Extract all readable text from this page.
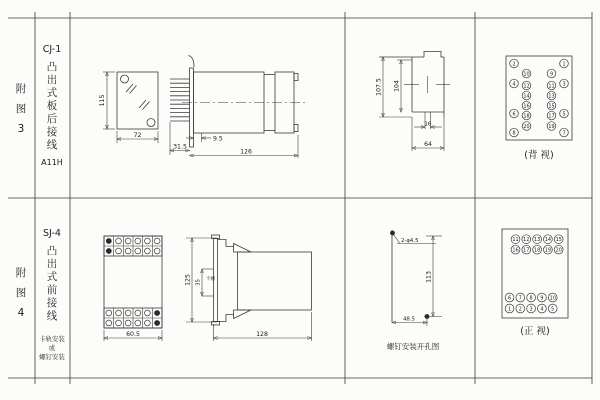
附
图
3
CJ-1
凸
出
式
板
后
接
线
A11H
115
72	9.5
31.5
126
107.5 104
16
64
2
4
6
8
10
12
14
16
18
20
9
11
13
15
17
19
1
3
5
7
(背 视)
附
图
4
SJ-4
凸
出
式
前
接
线
卡轨安装
或
螺钉安装
60.5
125 35 卡槽
128
2-φ4.5
113
48.5
螺钉安装开孔图
11 12 13 14 15
16 17 18 19 20
6 7 8 9 10
1 2 3 4 5
(正 视)
